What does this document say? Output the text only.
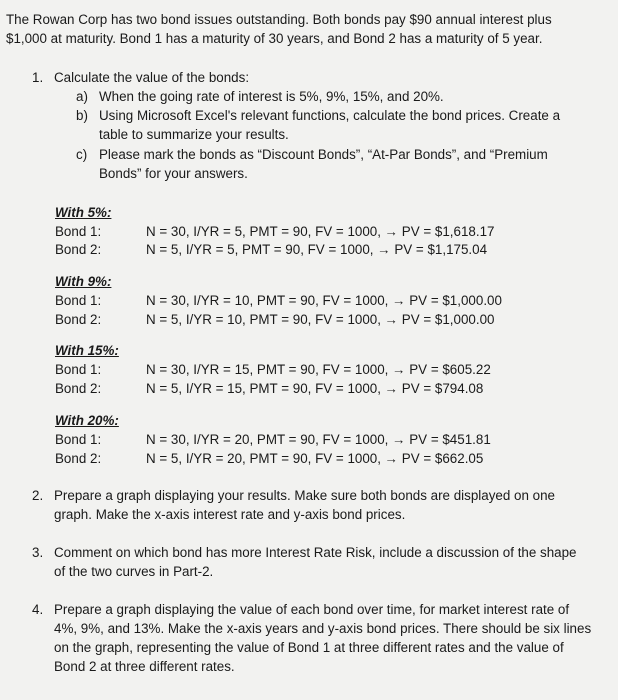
The Rowan Corp has two bond issues outstanding. Both bonds pay $90 annual interest plus
$1,000 at maturity. Bond 1 has a maturity of 30 years, and Bond 2 has a maturity of 5 year.
1. Calculate the value of the bonds:
a) When the going rate of interest is 5%, 9%, 15%, and 20%.
b) Using Microsoft Excel's relevant functions, calculate the bond prices. Create a
table to summarize your results.
c) Please mark the bonds as “Discount Bonds”, “At-Par Bonds”, and “Premium
Bonds” for your answers.
With 5%:
Bond 1:	N = 30, I/YR = 5, PMT = 90, FV = 1000, → PV = $1,618.17
Bond 2:	N = 5, I/YR = 5, PMT = 90, FV = 1000, → PV = $1,175.04
With 9%:
Bond 1:	N = 30, I/YR = 10, PMT = 90, FV = 1000, → PV = $1,000.00
Bond 2:	N = 5, I/YR = 10, PMT = 90, FV = 1000, → PV = $1,000.00
With 15%:
Bond 1:	N = 30, I/YR = 15, PMT = 90, FV = 1000, → PV = $605.22
Bond 2:	N = 5, I/YR = 15, PMT = 90, FV = 1000, → PV = $794.08
With 20%:
Bond 1:	N = 30, I/YR = 20, PMT = 90, FV = 1000, → PV = $451.81
Bond 2:	N = 5, I/YR = 20, PMT = 90, FV = 1000, → PV = $662.05
2. Prepare a graph displaying your results. Make sure both bonds are displayed on one
graph. Make the x-axis interest rate and y-axis bond prices.
3. Comment on which bond has more Interest Rate Risk, include a discussion of the shape
of the two curves in Part-2.
4. Prepare a graph displaying the value of each bond over time, for market interest rate of
4%, 9%, and 13%. Make the x-axis years and y-axis bond prices. There should be six lines
on the graph, representing the value of Bond 1 at three different rates and the value of
Bond 2 at three different rates.
